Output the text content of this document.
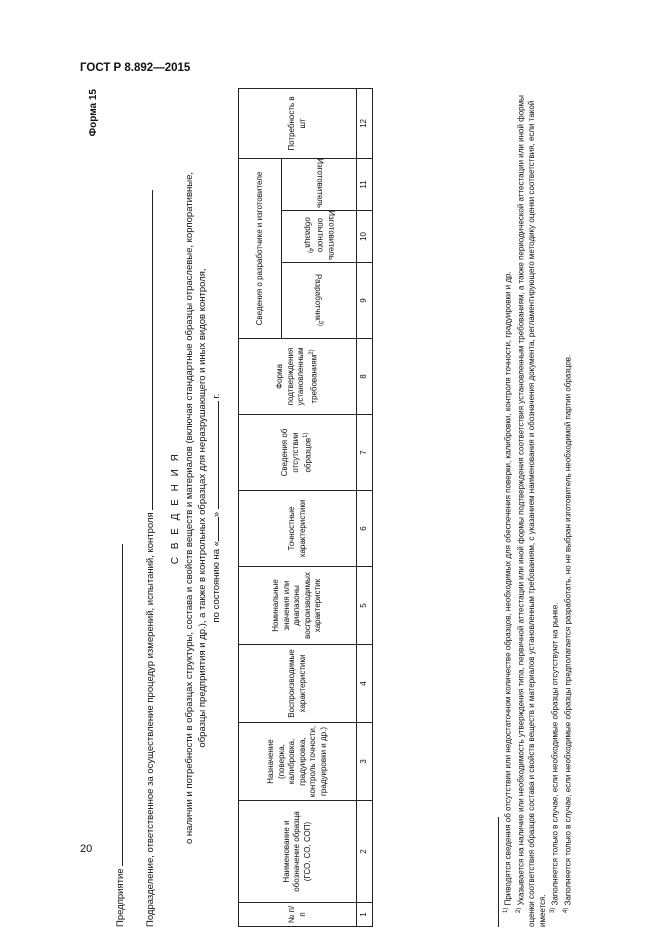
ГОСТ Р 8.892—2015
20
Форма 15
Предприятие Подразделение, ответственное за осуществление процедур измерений, испытаний, контроля
С В Е Д Е Н И Я о наличии и потребности в образцах структуры, состава и свойств веществ и материалов (включая стандартные образцы отраслевые, корпоративные, образцы предприятия и др.), а также в контрольных образцах для неразрушающего и иных видов контроля, по состоянию на «»  г.
№ п/п	Наименование и обозначение образца (ГСО, СО, СОП)	Назначение (поверка, калибровка, градуировка, контроль точности, градуировки и др.)	Воспроизводимые характеристики	Номинальные значения или диапазоны воспроизводимых характеристик	Точностные характеристики	Сведения об отсутствии образцов$^{1)}$	Форма подтверждения установленным требованиям$^{2)}$	Сведения о разработчике и изготовителе			Потребность в шт
								Разработчик$^{3)}$	Изготовитель опытного образца$^{4)}$	Изготовитель	
1	2	3	4	5	6	7	8	9	10	11	12

$^{1)}$ Приводятся сведения об отсутствии или недостаточном количестве образцов, необходимых для обеспечения поверки, калибровки, контроля точности, градуировки и др.

$^{2)}$ Указывается на наличие или необходимость утверждения типа, первичной аттестации или иной формы подтверждения соответствия установленным требованиям, а также периодической аттестации или иной формы оценки соответствия образцов состава и свойств веществ и материалов установленным требованиям, с указанием наименования и обозначения документа, регламентирующего методику оценки соответствия, если такой имеется. $^{3)}$ Заполняется только в случае, если необходимые образцы отсутствуют на рынке.

$^{4)}$ Заполняется только в случае, если необходимые образцы предполагается разработать, но не выбран изготовитель необходимой партии образцов.
